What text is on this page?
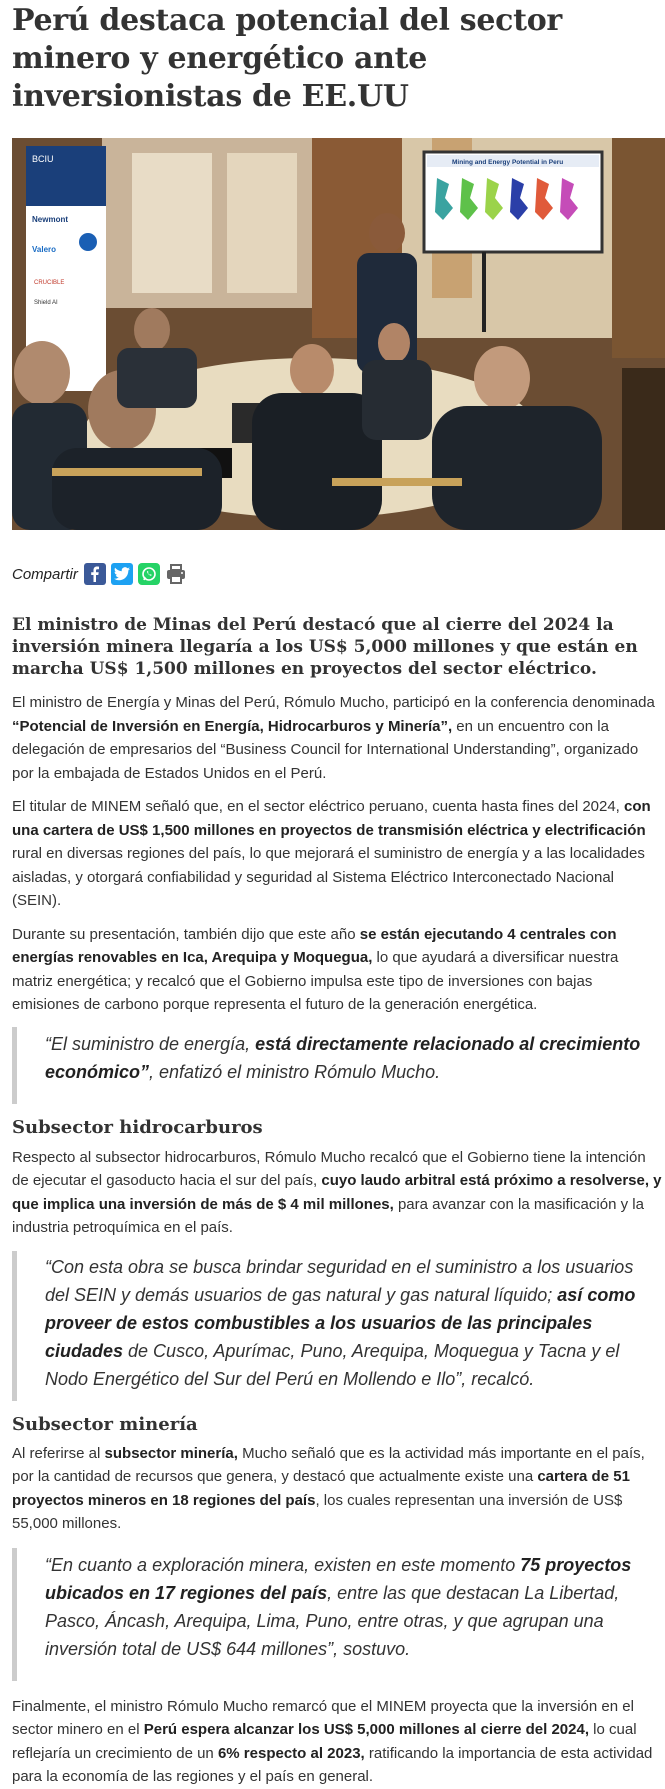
Perú destaca potencial del sector minero y energético ante inversionistas de EE.UU
BCIU
Newmont
Valero
CRUCIBLE
Shield AI
Mining and Energy Potential in Peru
Compartir

El ministro de Minas del Perú destacó que al cierre del 2024 la inversión minera llegaría a los US$ 5,000 millones y que están en marcha US$ 1,500 millones en proyectos del sector eléctrico.

El ministro de Energía y Minas del Perú, Rómulo Mucho, participó en la conferencia denominada “Potencial de Inversión en Energía, Hidrocarburos y Minería”, en un encuentro con la delegación de empresarios del “Business Council for International Understanding”, organizado por la embajada de Estados Unidos en el Perú.

El titular de MINEM señaló que, en el sector eléctrico peruano, cuenta hasta fines del 2024, con una cartera de US$ 1,500 millones en proyectos de transmisión eléctrica y electrificación rural en diversas regiones del país, lo que mejorará el suministro de energía y a las localidades aisladas, y otorgará confiabilidad y seguridad al Sistema Eléctrico Interconectado Nacional (SEIN).

Durante su presentación, también dijo que este año se están ejecutando 4 centrales con energías renovables en Ica, Arequipa y Moquegua, lo que ayudará a diversificar nuestra matriz energética; y recalcó que el Gobierno impulsa este tipo de inversiones con bajas emisiones de carbono porque representa el futuro de la generación energética.

“El suministro de energía, está directamente relacionado al crecimiento económico”, enfatizó el ministro Rómulo Mucho.
Subsector hidrocarburos

Respecto al subsector hidrocarburos, Rómulo Mucho recalcó que el Gobierno tiene la intención de ejecutar el gasoducto hacia el sur del país, cuyo laudo arbitral está próximo a resolverse, y que implica una inversión de más de $ 4 mil millones, para avanzar con la masificación y la industria petroquímica en el país.

“Con esta obra se busca brindar seguridad en el suministro a los usuarios del SEIN y demás usuarios de gas natural y gas natural líquido; así como proveer de estos combustibles a los usuarios de las principales ciudades de Cusco, Apurímac, Puno, Arequipa, Moquegua y Tacna y el Nodo Energético del Sur del Perú en Mollendo e Ilo”, recalcó.
Subsector minería

Al referirse al subsector minería, Mucho señaló que es la actividad más importante en el país, por la cantidad de recursos que genera, y destacó que actualmente existe una cartera de 51 proyectos mineros en 18 regiones del país, los cuales representan una inversión de US$ 55,000 millones.

“En cuanto a exploración minera, existen en este momento 75 proyectos ubicados en 17 regiones del país, entre las que destacan La Libertad, Pasco, Áncash, Arequipa, Lima, Puno, entre otras, y que agrupan una inversión total de US$ 644 millones”, sostuvo.

Finalmente, el ministro Rómulo Mucho remarcó que el MINEM proyecta que la inversión en el sector minero en el Perú espera alcanzar los US$ 5,000 millones al cierre del 2024, lo cual reflejaría un crecimiento de un 6% respecto al 2023, ratificando la importancia de esta actividad para la economía de las regiones y el país en general.
